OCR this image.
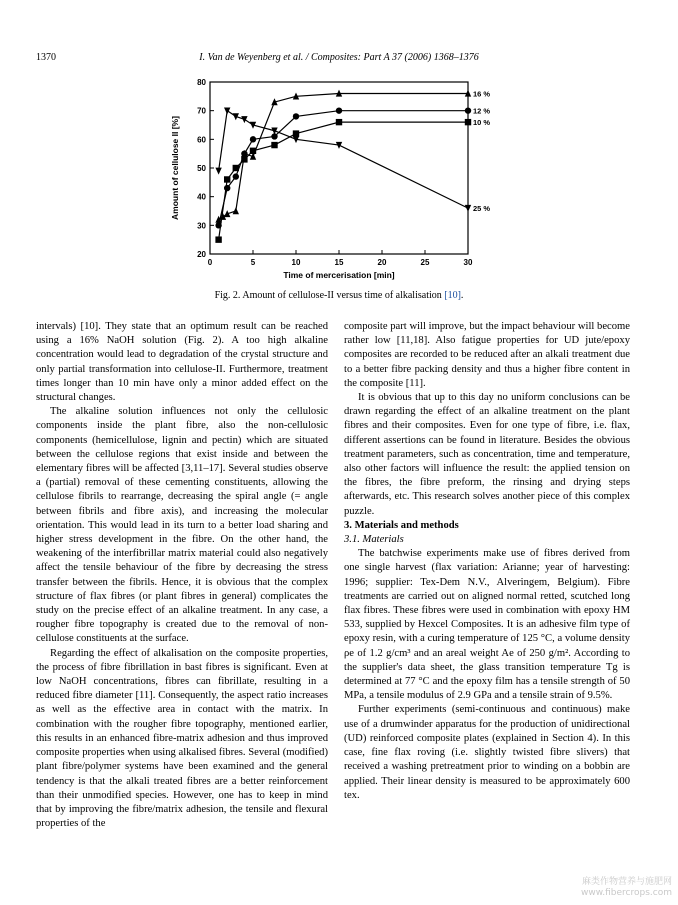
1370	I. Van de Weyenberg et al. / Composites: Part A 37 (2006) 1368–1376
0	5	10	15	20	25	30
20
30
40
50
60
70
80
Time of mercerisation [min]
Amount of cellulose II [%]
16 %
12 %
10 %
25 %
Fig. 2. Amount of cellulose-II versus time of alkalisation [10].

intervals) [10]. They state that an optimum result can be reached using a 16% NaOH solution (Fig. 2). A too high alkaline concentration would lead to degradation of the crystal structure and only partial transformation into cellulose-II. Furthermore, treatment times longer than 10 min have only a minor added effect on the structural changes.

The alkaline solution influences not only the cellulosic components inside the plant fibre, also the non-cellulosic components (hemicellulose, lignin and pectin) which are situated between the cellulose regions that exist inside and between the elementary fibres will be affected [3,11–17]. Several studies observe a (partial) removal of these cementing constituents, allowing the cellulose fibrils to rearrange, decreasing the spiral angle (= angle between fibrils and fibre axis), and increasing the molecular orientation. This would lead in its turn to a better load sharing and higher stress development in the fibre. On the other hand, the weakening of the interfibrillar matrix material could also negatively affect the tensile behaviour of the fibre by decreasing the stress transfer between the fibrils. Hence, it is obvious that the complex structure of flax fibres (or plant fibres in general) complicates the study on the precise effect of an alkaline treatment. In any case, a rougher fibre topography is created due to the removal of non-cellulose constituents at the surface.

Regarding the effect of alkalisation on the composite properties, the process of fibre fibrillation in bast fibres is significant. Even at low NaOH concentrations, fibres can fibrillate, resulting in a reduced fibre diameter [11]. Consequently, the aspect ratio increases as well as the effective area in contact with the matrix. In combination with the rougher fibre topography, mentioned earlier, this results in an enhanced fibre-matrix adhesion and thus improved composite properties when using alkalised fibres. Several (modified) plant fibre/polymer systems have been examined and the general tendency is that the alkali treated fibres are a better reinforcement than their unmodified species. However, one has to keep in mind that by improving the fibre/matrix adhesion, the tensile and flexural properties of the

composite part will improve, but the impact behaviour will become rather low [11,18]. Also fatigue properties for UD jute/epoxy composites are recorded to be reduced after an alkali treatment due to a better fibre packing density and thus a higher fibre content in the composite [11].

It is obvious that up to this day no uniform conclusions can be drawn regarding the effect of an alkaline treatment on the plant fibres and their composites. Even for one type of fibre, i.e. flax, different assertions can be found in literature. Besides the obvious treatment parameters, such as concentration, time and temperature, also other factors will influence the result: the applied tension on the fibres, the fibre preform, the rinsing and drying steps afterwards, etc. This research solves another piece of this complex puzzle.

3. Materials and methods

3.1. Materials

The batchwise experiments make use of fibres derived from one single harvest (flax variation: Arianne; year of harvesting: 1996; supplier: Tex-Dem N.V., Alveringem, Belgium). Fibre treatments are carried out on aligned normal retted, scutched long flax fibres. These fibres were used in combination with epoxy HM 533, supplied by Hexcel Composites. It is an adhesive film type of epoxy resin, with a curing temperature of 125 °C, a volume density ρe of 1.2 g/cm³ and an areal weight Ae of 250 g/m². According to the supplier's data sheet, the glass transition temperature Tg is determined at 77 °C and the epoxy film has a tensile strength of 50 MPa, a tensile modulus of 2.9 GPa and a tensile strain of 9.5%.

Further experiments (semi-continuous and continuous) make use of a drumwinder apparatus for the production of unidirectional (UD) reinforced composite plates (explained in Section 4). In this case, fine flax roving (i.e. slightly twisted fibre slivers) that received a washing pretreatment prior to winding on a bobbin are applied. Their linear density is measured to be approximately 600 tex.

麻类作物营养与施肥网
www.fibercrops.com
